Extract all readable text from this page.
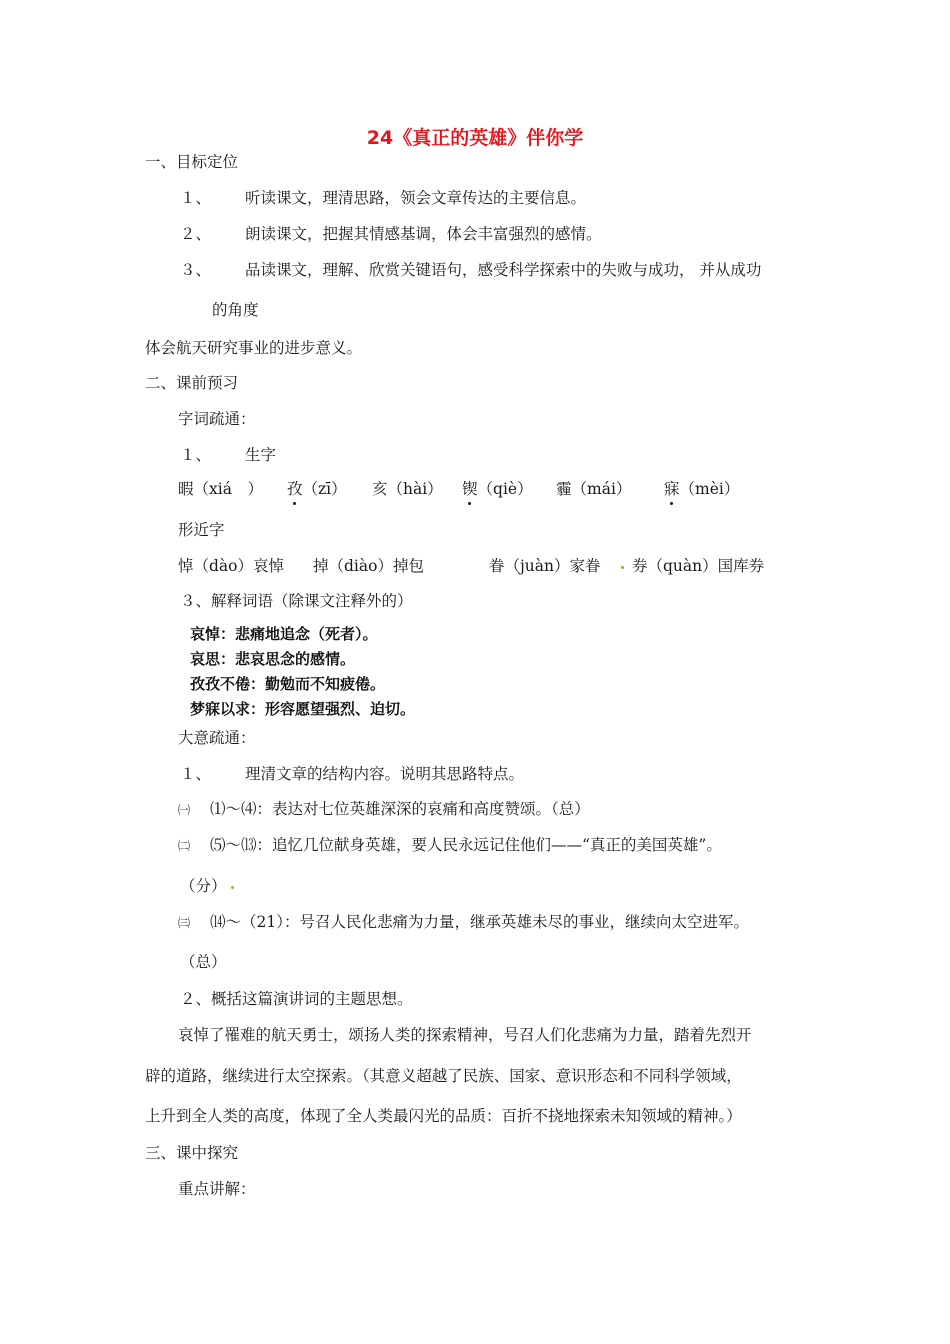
24《真正的英雄》伴你学
一、目标定位
１、 听读课文，理清思路，领会文章传达的主要信息。
２、 朗读课文，把握其情感基调，体会丰富强烈的感情。
３、 品读课文，理解、欣赏关键语句，感受科学探索中的失败与成功， 并从成功
的角度
体会航天研究事业的进步意义。
二、课前预习
字词疏通：
１、 生字
暇（xiá　） 孜（zī） 亥（hài） 锲（qiè） 霾（mái） 寐（mèi）
形近字
悼（dào）哀悼 掉（diào）掉包	眷（juàn）家眷 券（quàn）国库券
３、解释词语（除课文注释外的）
哀悼：悲痛地追念（死者）。
哀思：悲哀思念的感情。
孜孜不倦：勤勉而不知疲倦。
梦寐以求：形容愿望强烈、迫切。
大意疏通：
１、 理清文章的结构内容。说明其思路特点。
㈠ ⑴～⑷：表达对七位英雄深深的哀痛和高度赞颂。（总）
㈡ ⑸～⒀：追忆几位献身英雄，要人民永远记住他们——“真正的美国英雄”。
（分）
㈢ ⒁～（21）：号召人民化悲痛为力量，继承英雄未尽的事业，继续向太空进军。
（总）
２、概括这篇演讲词的主题思想。
哀悼了罹难的航天勇士，颂扬人类的探索精神，号召人们化悲痛为力量，踏着先烈开
辟的道路，继续进行太空探索。（其意义超越了民族、国家、意识形态和不同科学领域，
上升到全人类的高度，体现了全人类最闪光的品质：百折不挠地探索未知领域的精神。）
三、课中探究
重点讲解：
